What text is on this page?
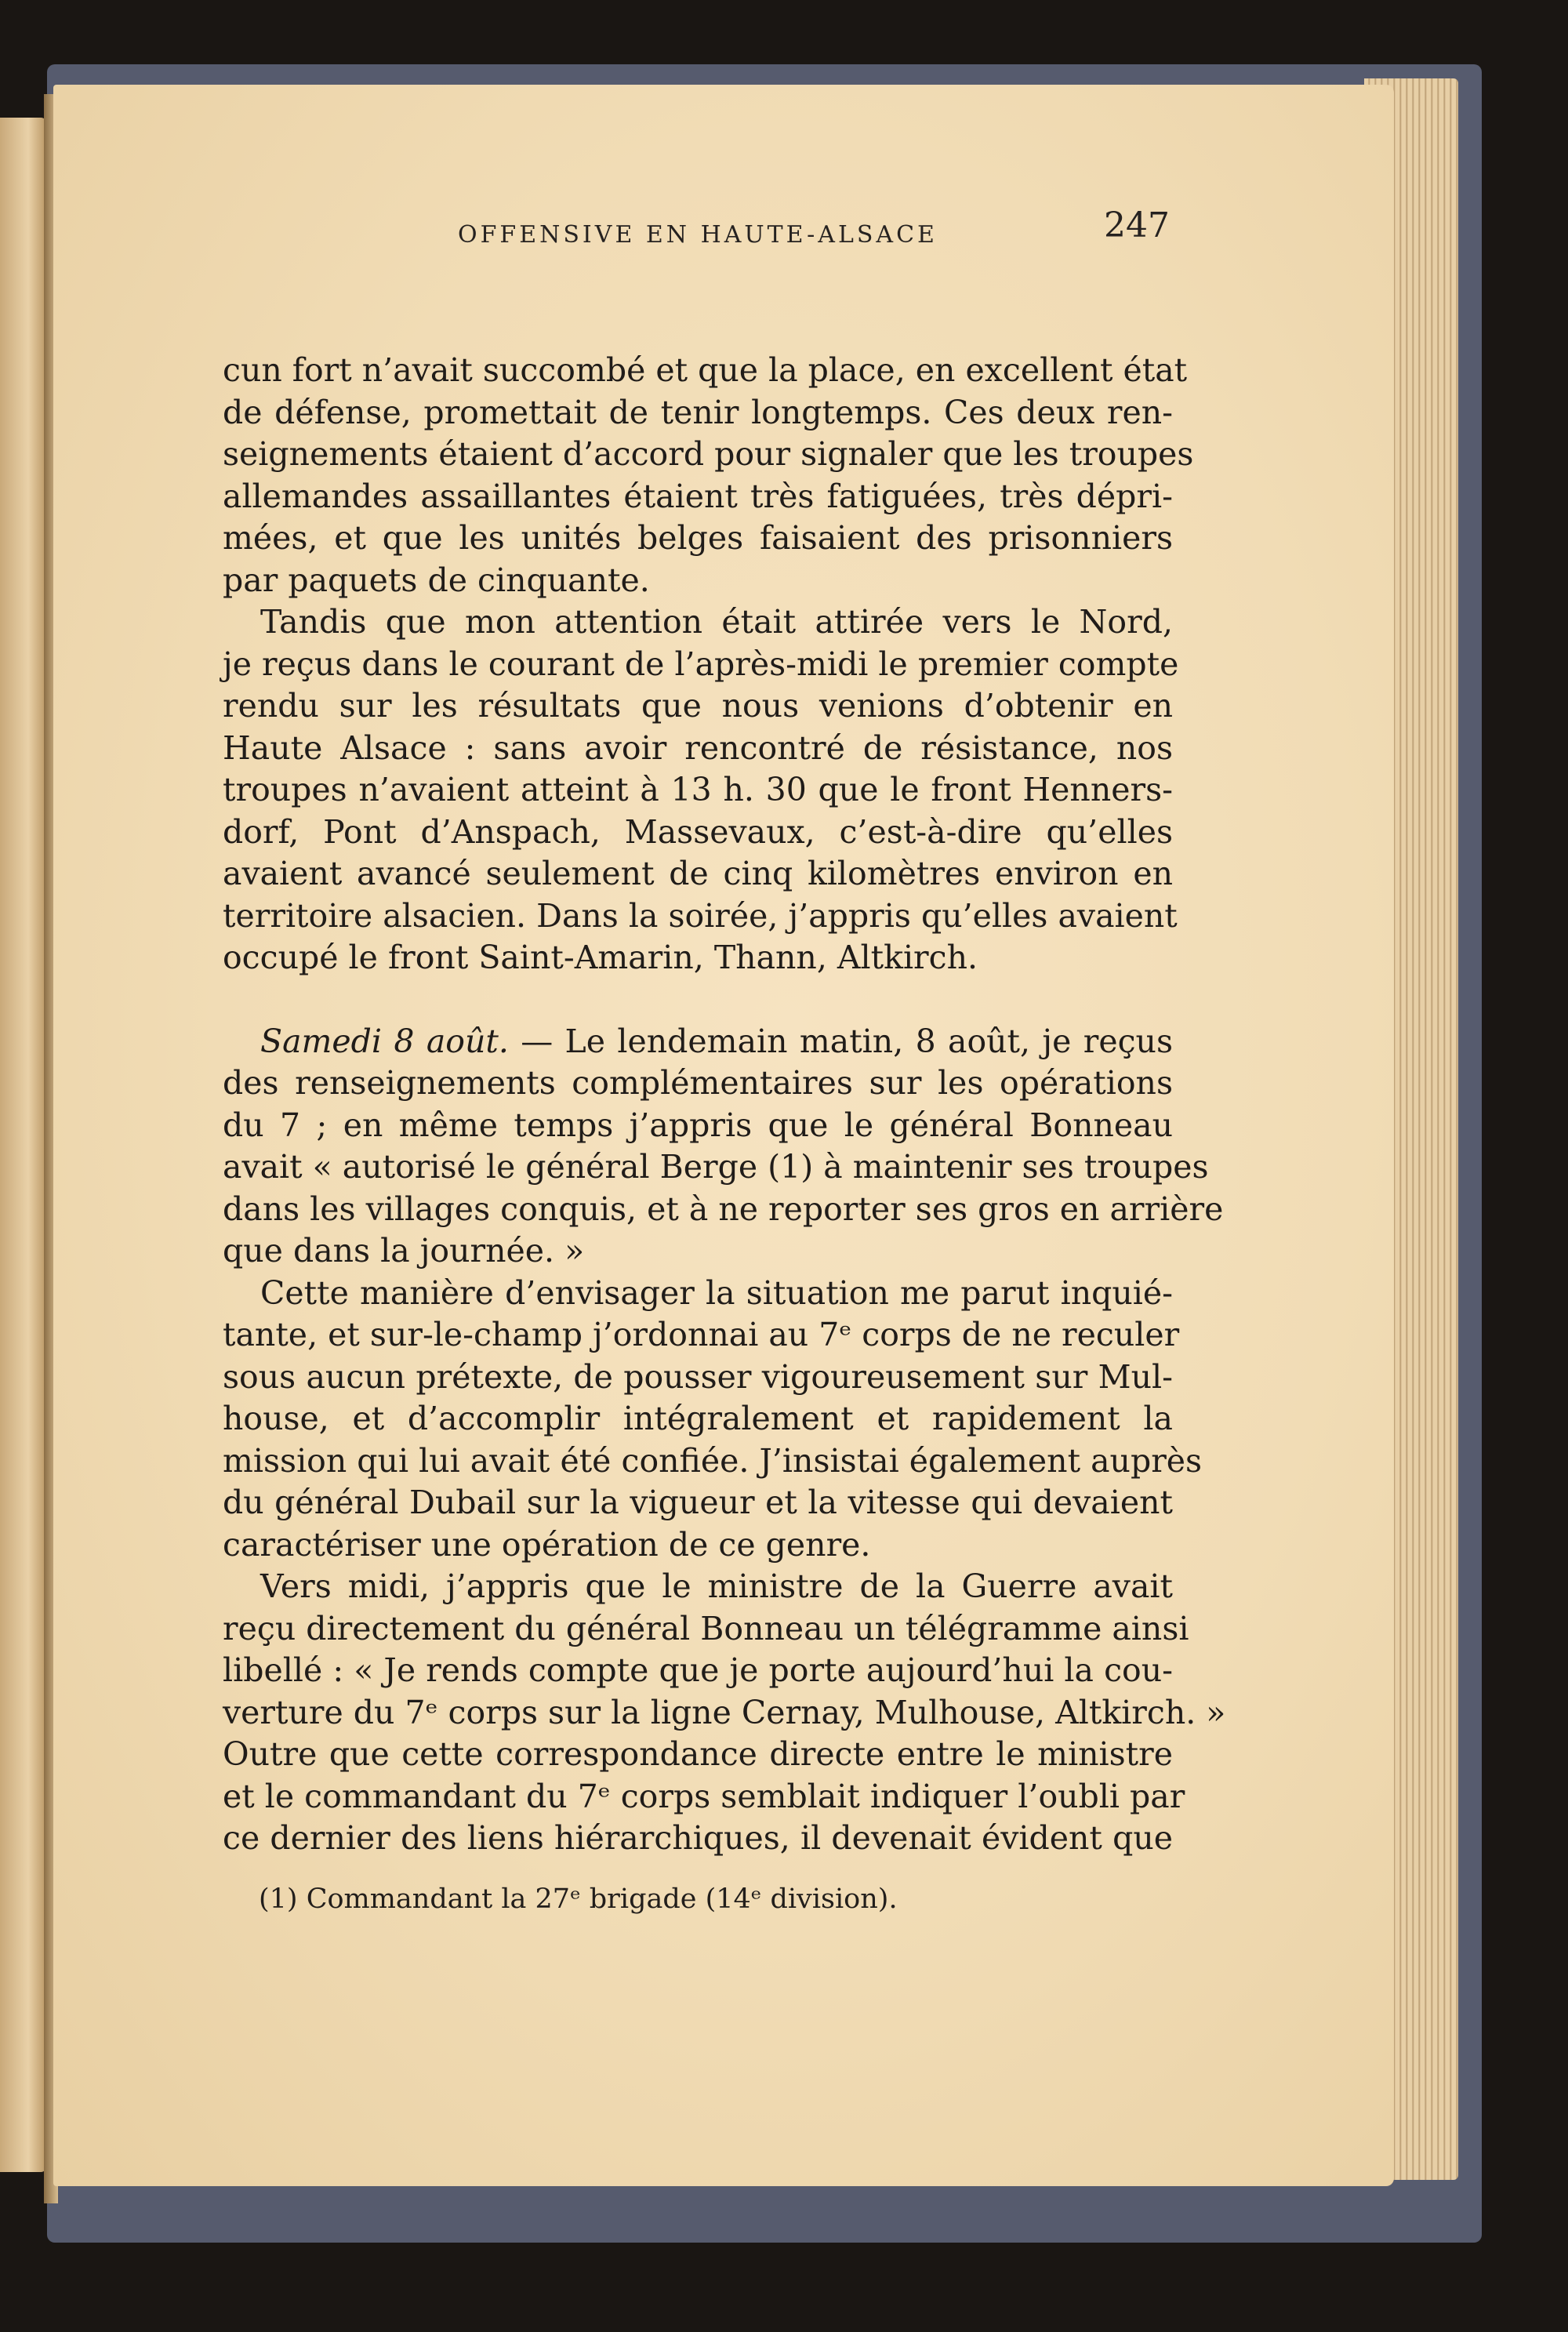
OFFENSIVE EN HAUTE-ALSACE	247
cun fort n’avait succombé et que la place, en excellent état
de défense, promettait de tenir longtemps. Ces deux ren-
seignements étaient d’accord pour signaler que les troupes
allemandes assaillantes étaient très fatiguées, très dépri-
mées, et que les unités belges faisaient des prisonniers
par paquets de cinquante.
Tandis que mon attention était attirée vers le Nord,
je reçus dans le courant de l’après-midi le premier compte
rendu sur les résultats que nous venions d’obtenir en
Haute Alsace : sans avoir rencontré de résistance, nos
troupes n’avaient atteint à 13 h. 30 que le front Henners-
dorf, Pont d’Anspach, Massevaux, c’est-à-dire qu’elles
avaient avancé seulement de cinq kilomètres environ en
territoire alsacien. Dans la soirée, j’appris qu’elles avaient
occupé le front Saint-Amarin, Thann, Altkirch.
Samedi 8 août. — Le lendemain matin, 8 août, je reçus
des renseignements complémentaires sur les opérations
du 7 ; en même temps j’appris que le général Bonneau
avait « autorisé le général Berge (1) à maintenir ses troupes
dans les villages conquis, et à ne reporter ses gros en arrière
que dans la journée. »
Cette manière d’envisager la situation me parut inquié-
tante, et sur-le-champ j’ordonnai au 7ᵉ corps de ne reculer
sous aucun prétexte, de pousser vigoureusement sur Mul-
house, et d’accomplir intégralement et rapidement la
mission qui lui avait été confiée. J’insistai également auprès
du général Dubail sur la vigueur et la vitesse qui devaient
caractériser une opération de ce genre.
Vers midi, j’appris que le ministre de la Guerre avait
reçu directement du général Bonneau un télégramme ainsi
libellé : « Je rends compte que je porte aujourd’hui la cou-
verture du 7ᵉ corps sur la ligne Cernay, Mulhouse, Altkirch. »
Outre que cette correspondance directe entre le ministre
et le commandant du 7ᵉ corps semblait indiquer l’oubli par
ce dernier des liens hiérarchiques, il devenait évident que
(1) Commandant la 27ᵉ brigade (14ᵉ division).
